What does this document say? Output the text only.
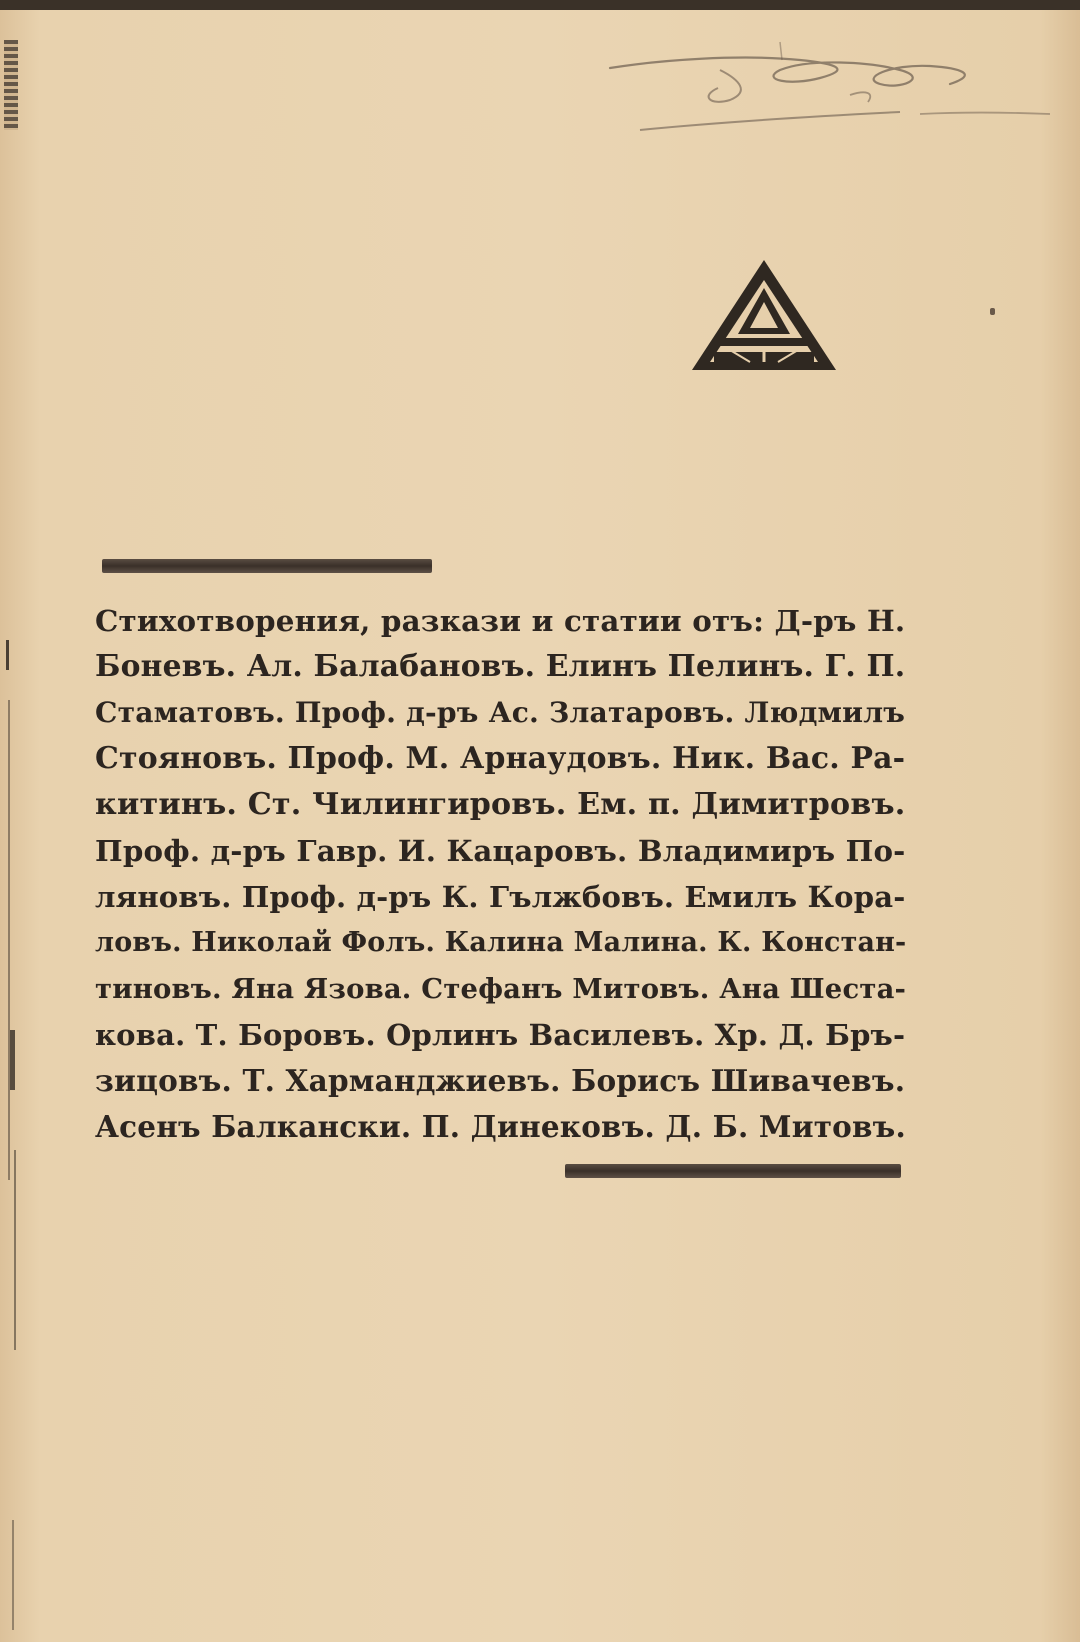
Стихотворения, разкази и статии отъ: Д-ръ Н.
Боневъ. Ал. Балабановъ. Елинъ Пелинъ. Г. П.
Стаматовъ. Проф. д-ръ Ас. Златаровъ. Людмилъ
Стояновъ. Проф. М. Арнаудовъ. Ник. Вас. Ра-
китинъ. Ст. Чилингировъ. Ем. п. Димитровъ.
Проф. д-ръ Гавр. И. Кацаровъ. Владимиръ По-
ляновъ. Проф. д-ръ К. Гължбовъ. Емилъ Кора-
ловъ. Николай Фолъ. Калина Малина. К. Констан-
тиновъ. Яна Язова. Стефанъ Митовъ. Ана Шеста-
кова. Т. Боровъ. Орлинъ Василевъ. Хр. Д. Бръ-
зицовъ. Т. Харманджиевъ. Борисъ Шивачевъ.
Асенъ Балкански. П. Динековъ. Д. Б. Митовъ.
